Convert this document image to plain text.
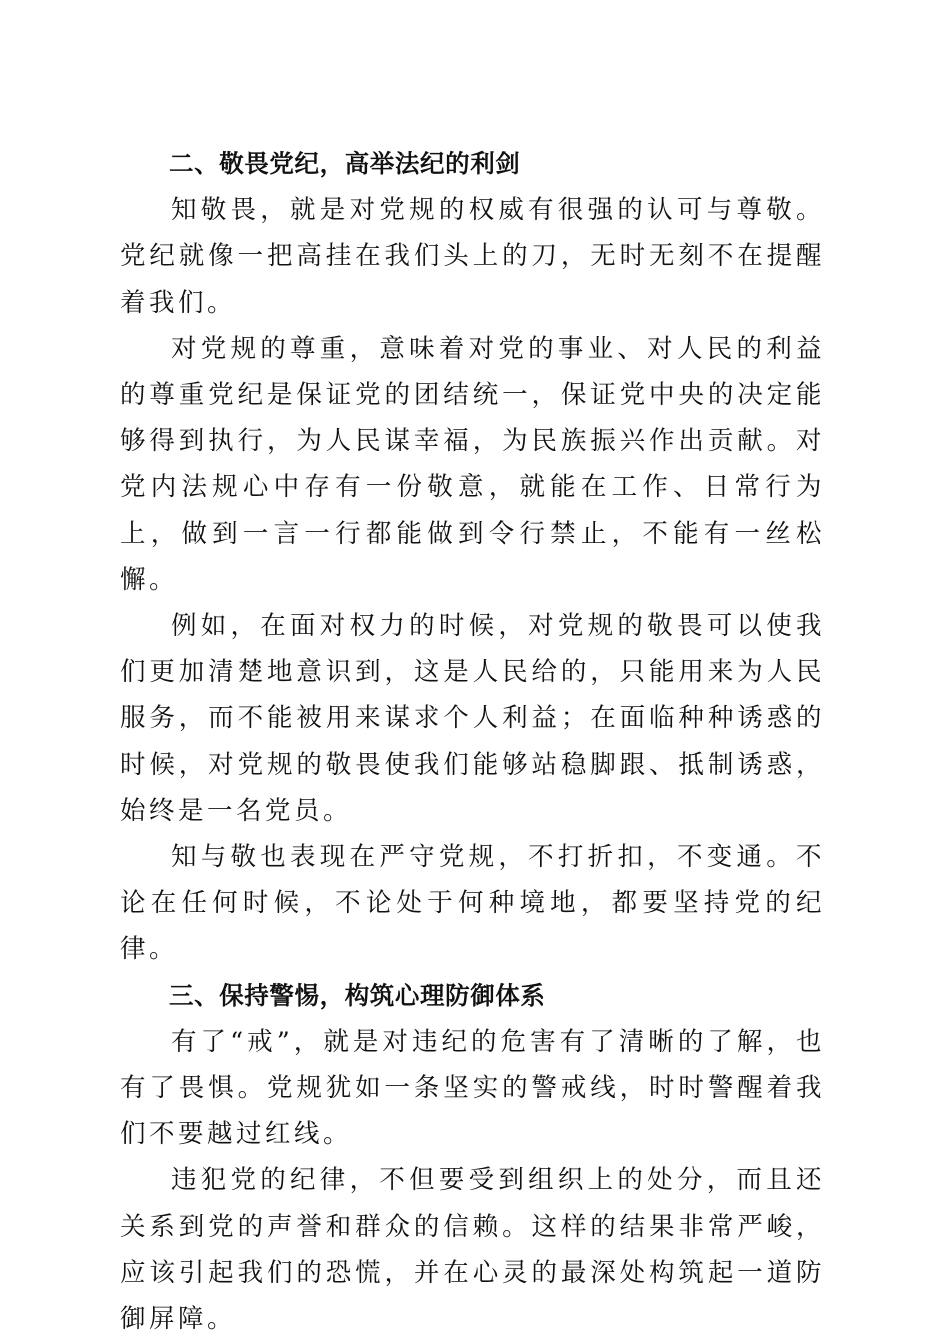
二、敬畏党纪，高举法纪的利剑

知敬畏，就是对党规的权威有很强的认可与尊敬。党纪就像一把高挂在我们头上的刀，无时无刻不在提醒着我们。

对党规的尊重，意味着对党的事业、对人民的利益的尊重党纪是保证党的团结统一，保证党中央的决定能够得到执行，为人民谋幸福，为民族振兴作出贡献。对党内法规心中存有一份敬意，就能在工作、日常行为上，做到一言一行都能做到令行禁止，不能有一丝松懈。

例如，在面对权力的时候，对党规的敬畏可以使我们更加清楚地意识到，这是人民给的，只能用来为人民服务，而不能被用来谋求个人利益；在面临种种诱惑的时候，对党规的敬畏使我们能够站稳脚跟、抵制诱惑，始终是一名党员。

知与敬也表现在严守党规，不打折扣，不变通。不论在任何时候，不论处于何种境地，都要坚持党的纪律。

三、保持警惕，构筑心理防御体系

有了“戒”，就是对违纪的危害有了清晰的了解，也有了畏惧。党规犹如一条坚实的警戒线，时时警醒着我们不要越过红线。

违犯党的纪律，不但要受到组织上的处分，而且还关系到党的声誉和群众的信赖。这样的结果非常严峻，应该引起我们的恐慌，并在心灵的最深处构筑起一道防御屏障。
